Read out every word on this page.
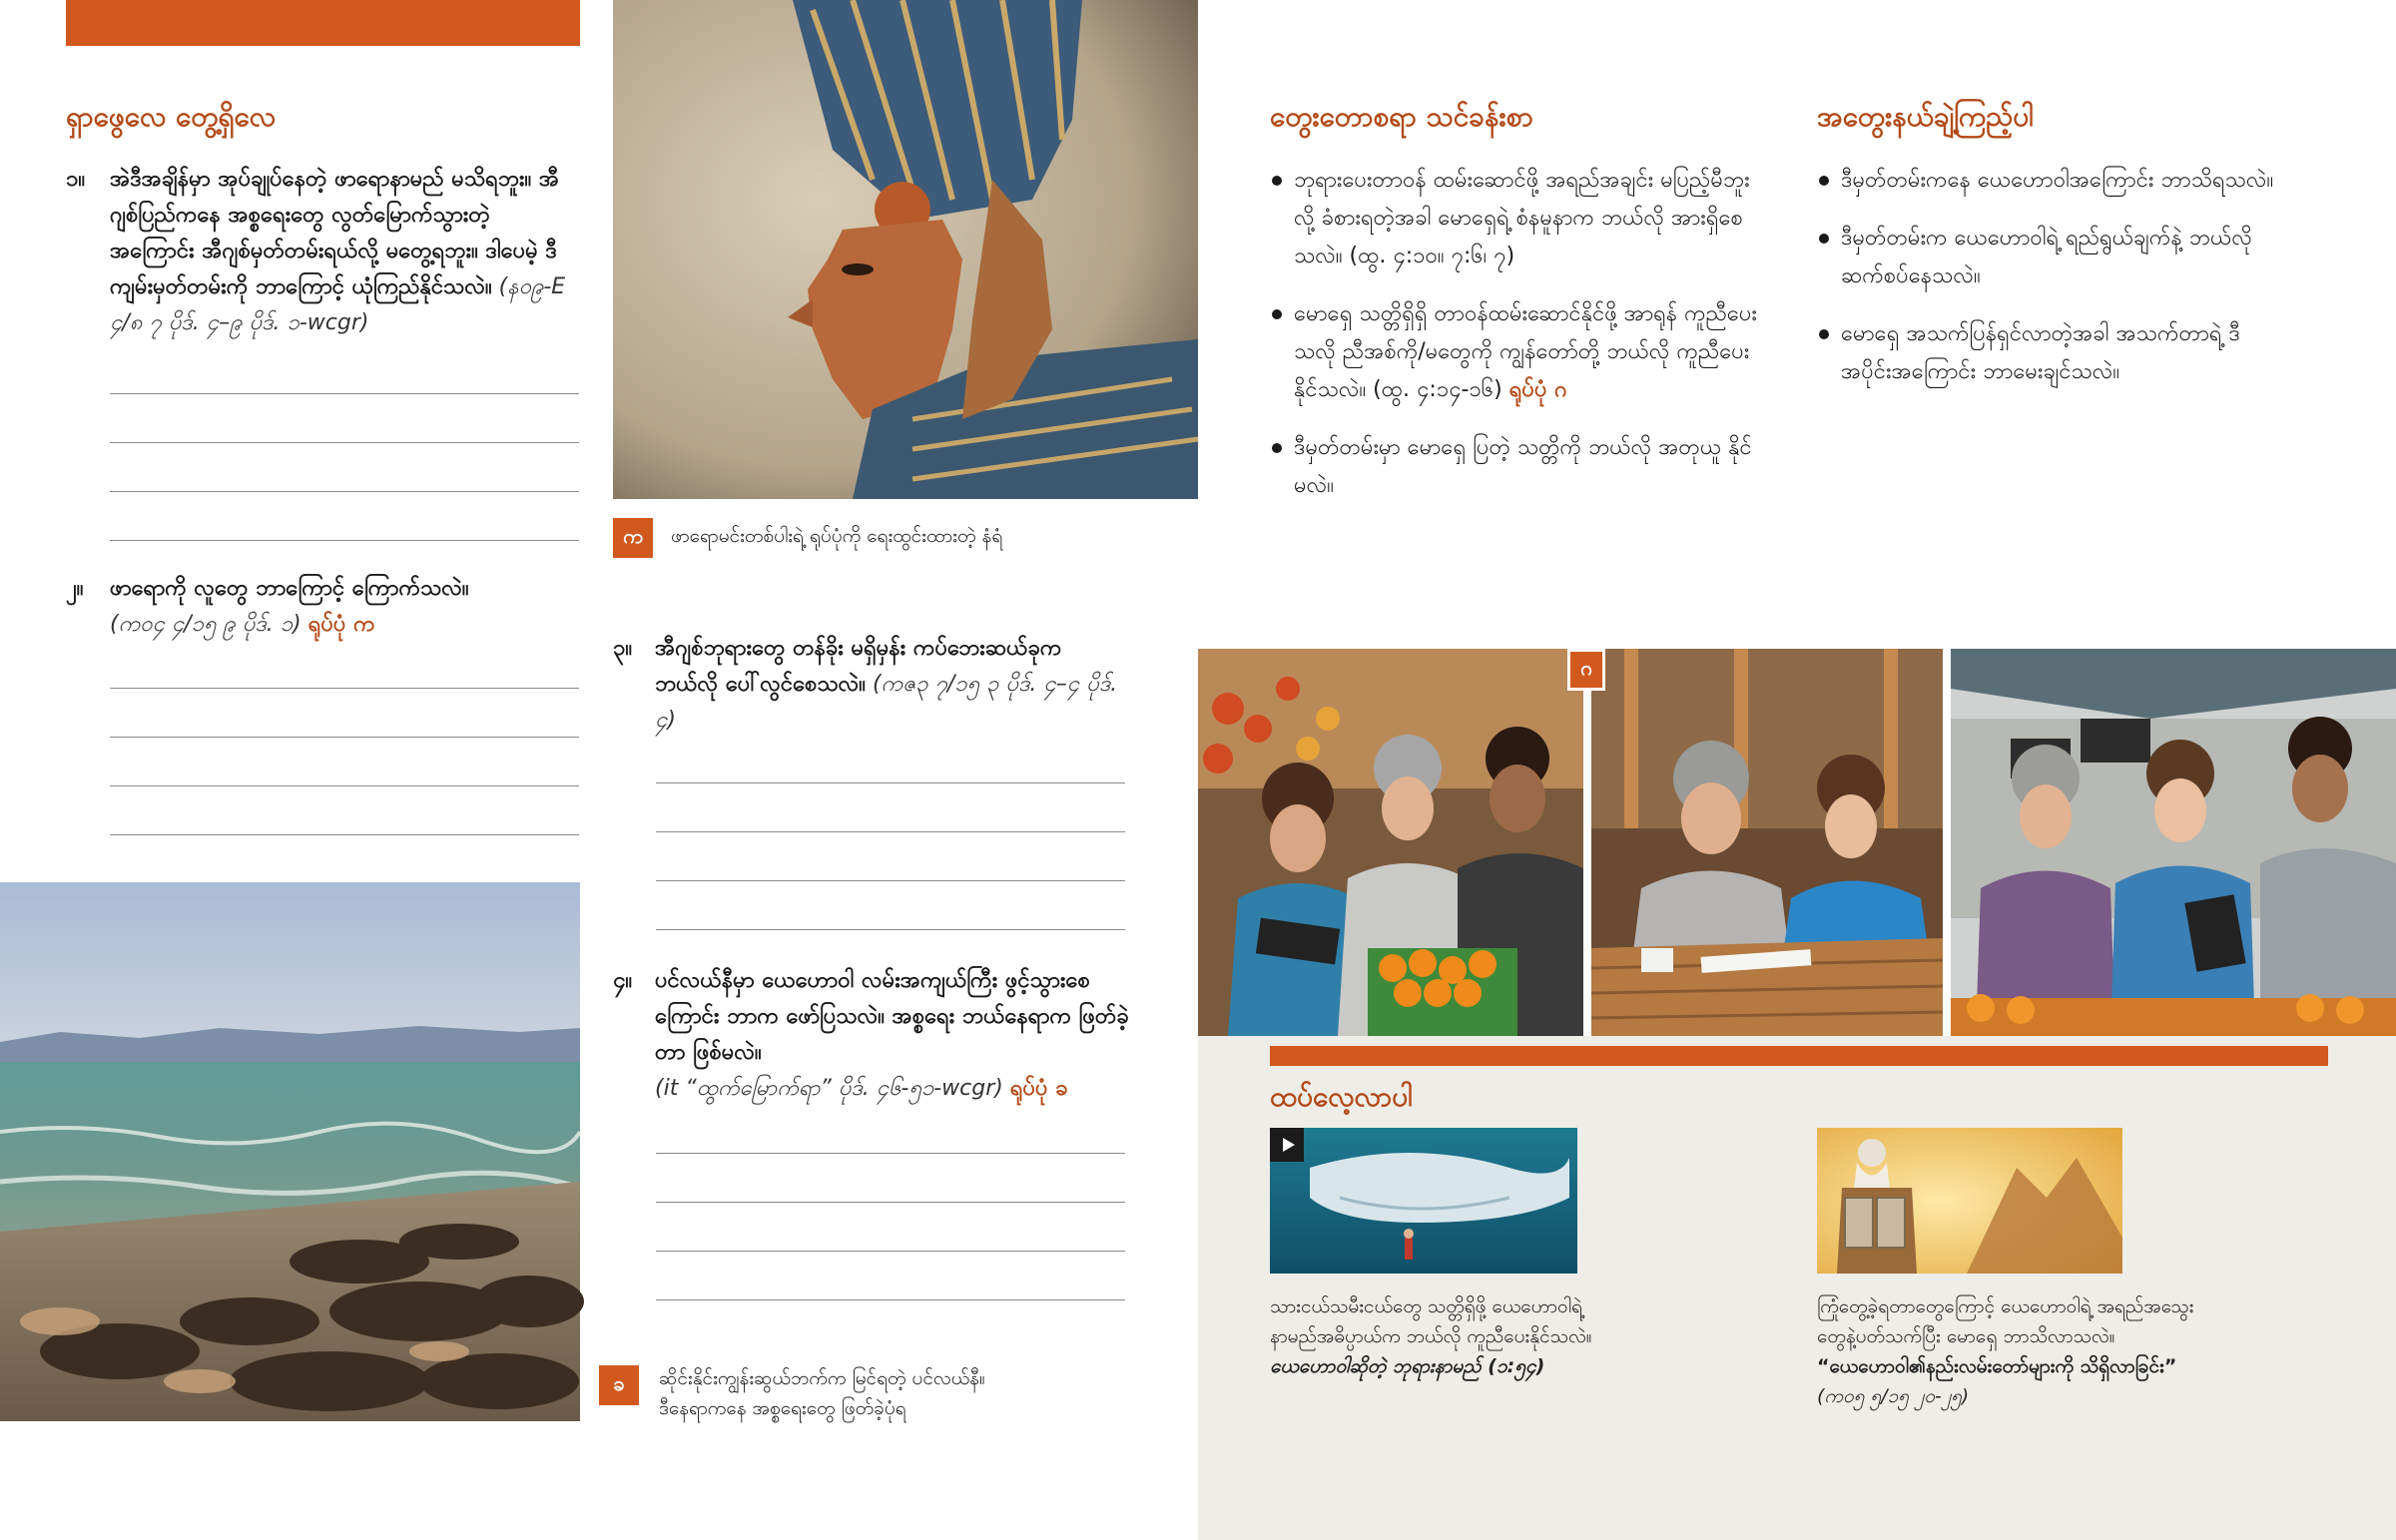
ရှာဖွေလေ တွေ့ရှိလေ
၁။	အဲဒီအချိန်မှာ အုပ်ချုပ်နေတဲ့ ဖာရောနာမည် မသိရဘူး။ အီဂျစ်ပြည်ကနေ အစ္စရေးတွေ လွတ်မြောက်သွားတဲ့ အကြောင်း အီဂျစ်မှတ်တမ်းရယ်လို့ မတွေ့ရဘူး။ ဒါပေမဲ့ ဒီကျမ်းမှတ်တမ်းကို ဘာကြောင့် ယုံကြည်နိုင်သလဲ။ (နဝ၉-E ၄/၈ ၇ ပိုဒ်. ၄–၉ ပိုဒ်. ၁-wcgr)
၂။	ဖာရောကို လူတွေ ဘာကြောင့် ကြောက်သလဲ။
(ကဝ၄ ၄/၁၅ ၉ ပိုဒ်. ၁) ရုပ်ပုံ က
က	ဖာရောမင်းတစ်ပါးရဲ့ ရုပ်ပုံကို ရေးထွင်းထားတဲ့ နံရံ
၃။	အီဂျစ်ဘုရားတွေ တန်ခိုး မရှိမှန်း ကပ်ဘေးဆယ်ခုက ဘယ်လို ပေါ်လွင်စေသလဲ။ (ကဇ၃ ၇/၁၅ ၃ ပိုဒ်. ၄–၄ ပိုဒ်. ၄)
၄။	ပင်လယ်နီမှာ ယေဟောဝါ လမ်းအကျယ်ကြီး ဖွင့်သွားစေကြောင်း ဘာက ဖော်ပြသလဲ။ အစ္စရေး ဘယ်နေရာက ဖြတ်ခဲ့တာ ဖြစ်မလဲ။
(it “ထွက်မြောက်ရာ” ပိုဒ်. ၄၆-၅၁-wcgr) ရုပ်ပုံ ခ
ခ	ဆိုင်းနိုင်းကျွန်းဆွယ်ဘက်က မြင်ရတဲ့ ပင်လယ်နီ။
ဒီနေရာကနေ အစ္စရေးတွေ ဖြတ်ခဲ့ပုံရ
တွေးတောစရာ သင်ခန်းစာ
ဘုရားပေးတာဝန် ထမ်းဆောင်ဖို့ အရည်အချင်း မပြည့်မီဘူး လို့ ခံစားရတဲ့အခါ မောရှေရဲ့ စံနမူနာက ဘယ်လို အားရှိစေသလဲ။ (ထွ. ၄:၁၀။ ၇:၆၊ ၇)
မောရှေ သတ္တိရှိရှိ တာဝန်ထမ်းဆောင်နိုင်ဖို့ အာရုန် ကူညီပေးသလို ညီအစ်ကို/မတွေကို ကျွန်တော်တို့ ဘယ်လို ကူညီပေးနိုင်သလဲ။ (ထွ. ၄:၁၄-၁၆) ရုပ်ပုံ ဂ
ဒီမှတ်တမ်းမှာ မောရှေ ပြတဲ့ သတ္တိကို ဘယ်လို အတုယူ နိုင်မလဲ။
အတွေးနယ်ချဲ့ကြည့်ပါ
ဒီမှတ်တမ်းကနေ ယေဟောဝါအကြောင်း ဘာသိရသလဲ။
ဒီမှတ်တမ်းက ယေဟောဝါရဲ့ ရည်ရွယ်ချက်နဲ့ ဘယ်လို ဆက်စပ်နေသလဲ။
မောရှေ အသက်ပြန်ရှင်လာတဲ့အခါ အသက်တာရဲ့ ဒီအပိုင်းအကြောင်း ဘာမေးချင်သလဲ။
ဂ
ထပ်လေ့လာပါ
သားငယ်သမီးငယ်တွေ သတ္တိရှိဖို့ ယေဟောဝါရဲ့
နာမည်အဓိပ္ပာယ်က ဘယ်လို ကူညီပေးနိုင်သလဲ။
ယေဟောဝါဆိုတဲ့ ဘုရားနာမည် (၁:၅၄)
ကြုံတွေ့ခဲ့ရတာတွေကြောင့် ယေဟောဝါရဲ့ အရည်အသွေး
တွေနဲ့ပတ်သက်ပြီး မောရှေ ဘာသိလာသလဲ။
“ယေဟောဝါ၏နည်းလမ်းတော်များကို သိရှိလာခြင်း”
(ကဝ၅ ၅/၁၅ ၂၀-၂၅)
